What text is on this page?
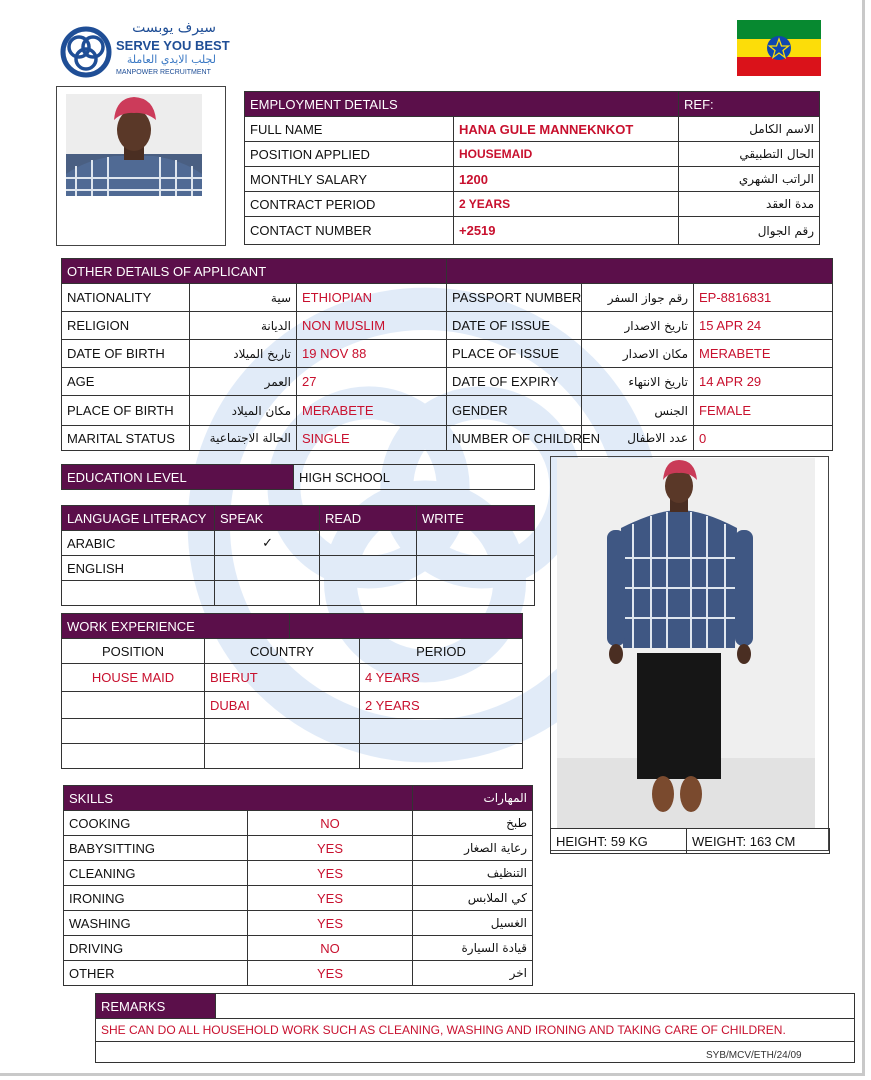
سيرف يوبست
SERVE YOU BEST
لجلب الايدي العاملة
MANPOWER RECRUITMENT
EMPLOYMENT DETAILS		REF:
FULL NAME	HANA GULE MANNEKNKOT	الاسم الكامل
POSITION APPLIED	HOUSEMAID	الحال التطبيقي
MONTHLY SALARY	1200	الراتب الشهري
CONTRACT PERIOD	2 YEARS	مدة العقد
CONTACT NUMBER	+2519	رقم الجوال
OTHER DETAILS OF APPLICANT					
NATIONALITY	سية	ETHIOPIAN	PASSPORT NUMBER	رقم جواز السفر	EP-8816831
RELIGION	الديانة	NON MUSLIM	DATE OF ISSUE	تاريخ الاصدار	15 APR 24
DATE OF BIRTH	تاريخ الميلاد	19 NOV 88	PLACE OF ISSUE	مكان الاصدار	MERABETE
AGE	العمر	27	DATE OF EXPIRY	تاريخ الانتهاء	14 APR 29
PLACE OF BIRTH	مكان الميلاد	MERABETE	GENDER	الجنس	FEMALE
MARITAL STATUS	الحالة الاجتماعية	SINGLE	NUMBER OF CHILDREN	عدد الاطفال	0
EDUCATION LEVEL	HIGH SCHOOL
LANGUAGE LITERACY	SPEAK	READ	WRITE
ARABIC	✓		
ENGLISH			

WORK EXPERIENCE			
POSITION	COUNTRY		PERIOD
HOUSE MAID	BIERUT		4 YEARS
	DUBAI		2 YEARS

HEIGHT: 59 KG	WEIGHT: 163 CM
SKILLS		المهارات
COOKING	NO	طبخ
BABYSITTING	YES	رعاية الصغار
CLEANING	YES	التنظيف
IRONING	YES	كي الملابس
WASHING	YES	الغسيل
DRIVING	NO	قيادة السيارة
OTHER	YES	اخر
REMARKS	
SHE CAN DO ALL HOUSEHOLD WORK SUCH AS CLEANING, WASHING AND IRONING AND TAKING CARE OF CHILDREN.

SYB/MCV/ETH/24/09
